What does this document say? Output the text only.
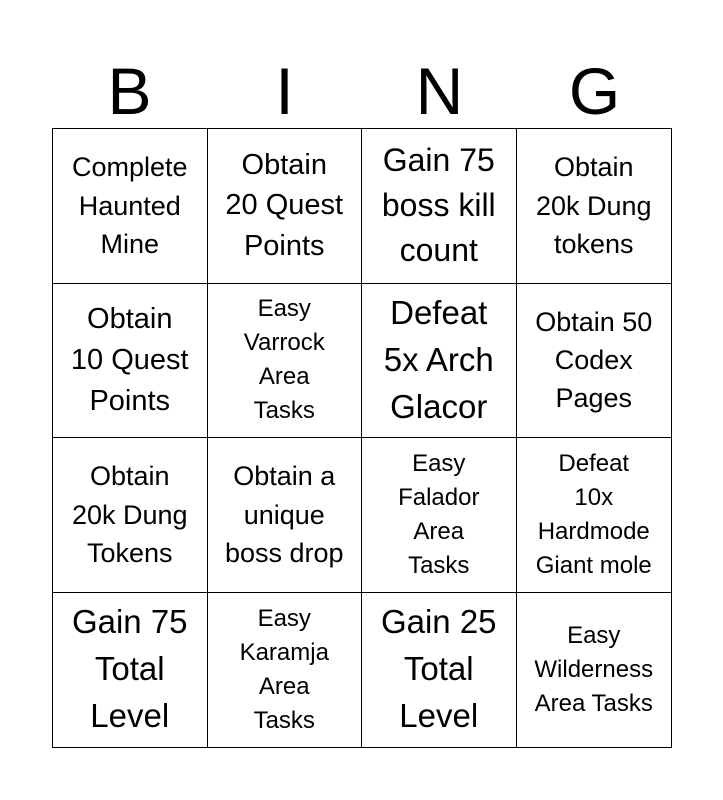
B	I	N	G
Complete
Haunted
Mine
Obtain
20 Quest
Points
Gain 75
boss kill
count
Obtain
20k Dung
tokens
Obtain
10 Quest
Points
Easy
Varrock
Area
Tasks
Defeat
5x Arch
Glacor
Obtain 50
Codex
Pages
Obtain
20k Dung
Tokens
Obtain a
unique
boss drop
Easy
Falador
Area
Tasks
Defeat
10x
Hardmode
Giant mole
Gain 75
Total
Level
Easy
Karamja
Area
Tasks
Gain 25
Total
Level
Easy
Wilderness
Area Tasks
